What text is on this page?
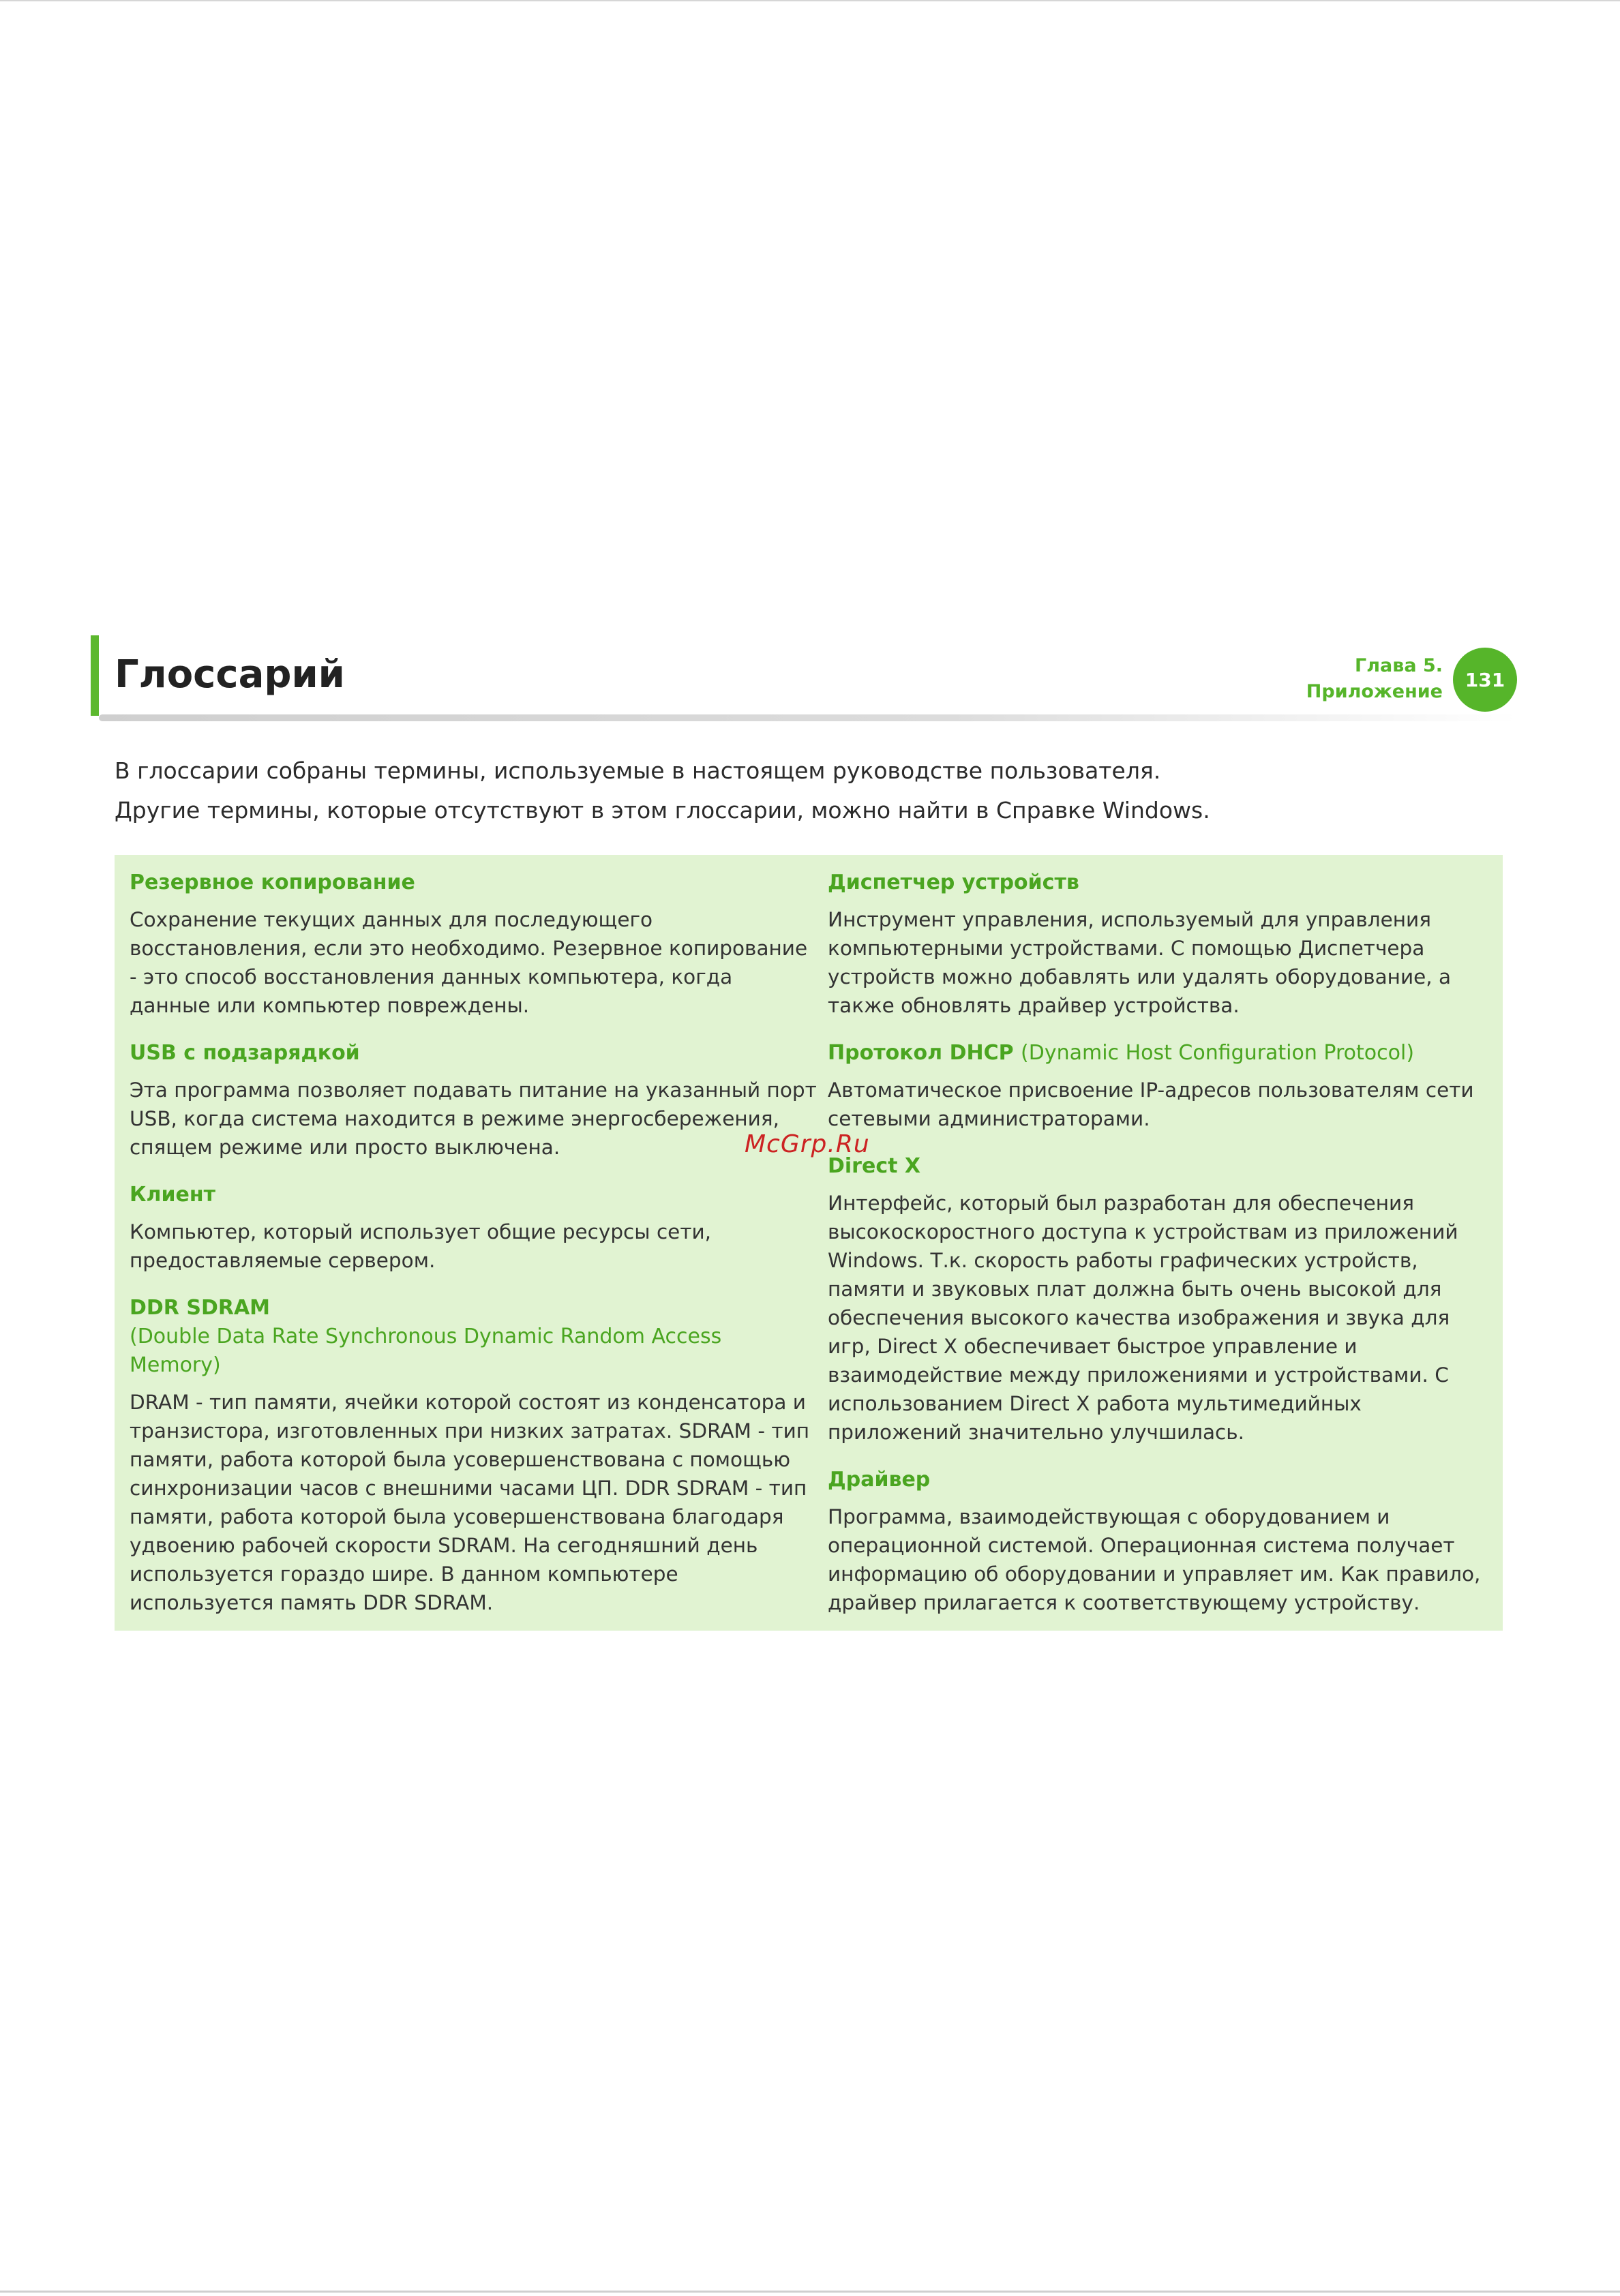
Глоссарий	Глава 5.
Приложение
131

В глоссарии собраны термины, используемые в настоящем руководстве пользователя.

Другие термины, которые отсутствуют в этом глоссарии, можно найти в Справке Windows.

Резервное копирование

Сохранение текущих данных для последующего восстановления, если это необходимо. Резервное копирование - это способ восстановления данных компьютера, когда данные или компьютер повреждены.

USB с подзарядкой

Эта программа позволяет подавать питание на указанный порт USB, когда система находится в режиме энергосбережения, спящем режиме или просто выключена.

Клиент

Компьютер, который использует общие ресурсы сети, предоставляемые сервером.

DDR SDRAM

(Double Data Rate Synchronous Dynamic Random Access Memory)

DRAM - тип памяти, ячейки которой состоят из конденсатора и транзистора, изготовленных при низких затратах. SDRAM - тип памяти, работа которой была усовершенствована с помощью синхронизации часов с внешними часами ЦП. DDR SDRAM - тип памяти, работа которой была усовершенствована благодаря удвоению рабочей скорости SDRAM. На сегодняшний день используется гораздо шире. В данном компьютере используется память DDR SDRAM.

Диспетчер устройств

Инструмент управления, используемый для управления компьютерными устройствами. С помощью Диспетчера устройств можно добавлять или удалять оборудование, а также обновлять драйвер устройства.

Протокол DHCP (Dynamic Host Configuration Protocol)

Автоматическое присвоение IP-адресов пользователям сети сетевыми администраторами.

Direct X

Интерфейс, который был разработан для обеспечения высокоскоростного доступа к устройствам из приложений Windows. Т.к. скорость работы графических устройств, памяти и звуковых плат должна быть очень высокой для обеспечения высокого качества изображения и звука для игр, Direct X обеспечивает быстрое управление и взаимодействие между приложениями и устройствами. С использованием Direct X работа мультимедийных приложений значительно улучшилась.

Драйвер

Программа, взаимодействующая с оборудованием и операционной системой. Операционная система получает информацию об оборудовании и управляет им. Как правило, драйвер прилагается к соответствующему устройству.

McGrp.Ru
